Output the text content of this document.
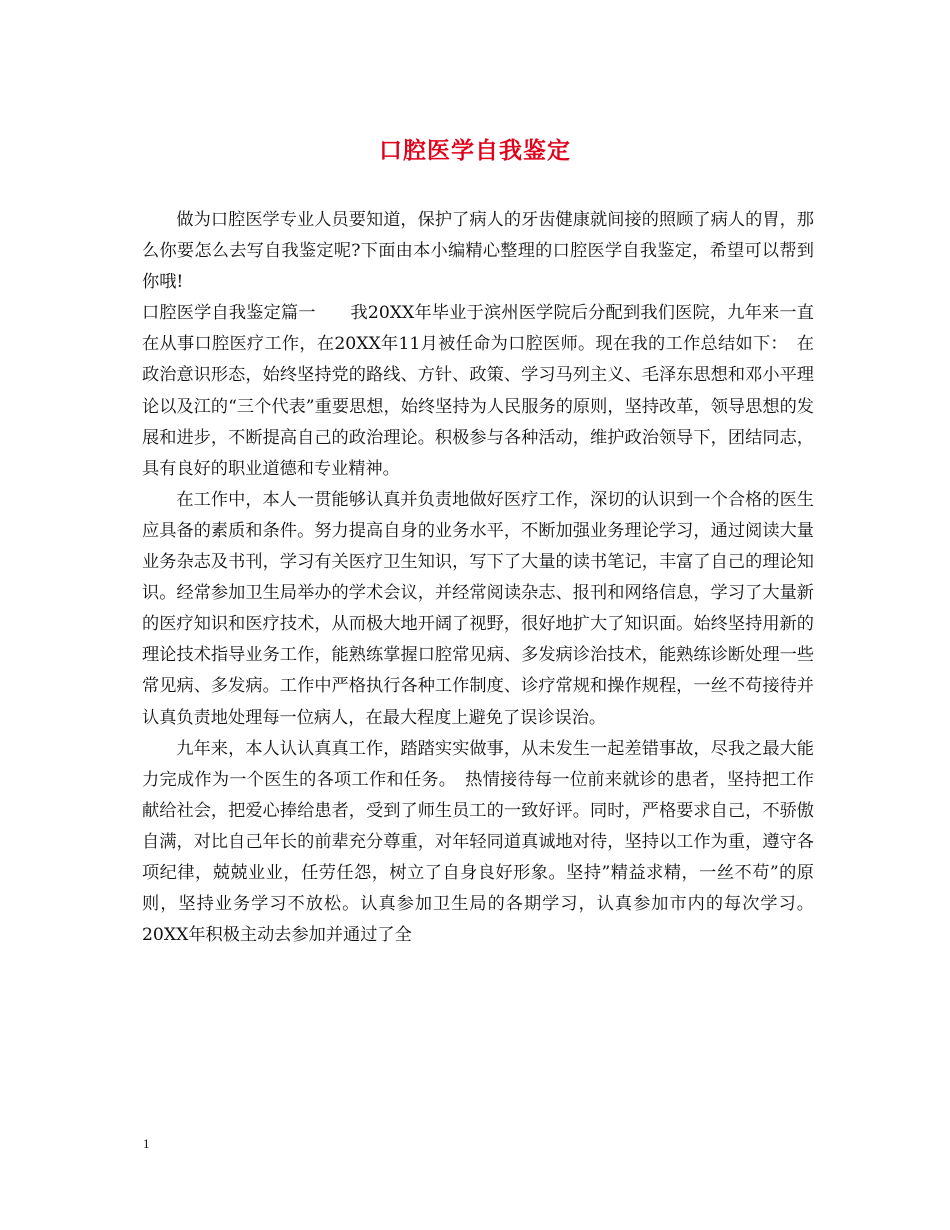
口腔医学自我鉴定

做为口腔医学专业人员要知道，保护了病人的牙齿健康就间接的照顾了病人的胃，那么你要怎么去写自我鉴定呢?下面由本小编精心整理的口腔医学自我鉴定，希望可以帮到你哦!

口腔医学自我鉴定篇一　　我20XX年毕业于滨州医学院后分配到我们医院，九年来一直在从事口腔医疗工作，在20XX年11月被任命为口腔医师。现在我的工作总结如下：　在政治意识形态，始终坚持党的路线、方针、政策、学习马列主义、毛泽东思想和邓小平理论以及江的“三个代表”重要思想，始终坚持为人民服务的原则，坚持改革，领导思想的发展和进步，不断提高自己的政治理论。积极参与各种活动，维护政治领导下，团结同志，具有良好的职业道德和专业精神。

在工作中，本人一贯能够认真并负责地做好医疗工作，深切的认识到一个合格的医生应具备的素质和条件。努力提高自身的业务水平，不断加强业务理论学习，通过阅读大量业务杂志及书刊，学习有关医疗卫生知识，写下了大量的读书笔记，丰富了自己的理论知识。经常参加卫生局举办的学术会议，并经常阅读杂志、报刊和网络信息，学习了大量新的医疗知识和医疗技术，从而极大地开阔了视野，很好地扩大了知识面。始终坚持用新的理论技术指导业务工作，能熟练掌握口腔常见病、多发病诊治技术，能熟练诊断处理一些常见病、多发病。工作中严格执行各种工作制度、诊疗常规和操作规程，一丝不苟接待并认真负责地处理每一位病人，在最大程度上避免了误诊误治。

九年来，本人认认真真工作，踏踏实实做事，从未发生一起差错事故，尽我之最大能力完成作为一个医生的各项工作和任务。　热情接待每一位前来就诊的患者，坚持把工作献给社会，把爱心捧给患者，受到了师生员工的一致好评。同时，严格要求自己，不骄傲自满，对比自己年长的前辈充分尊重，对年轻同道真诚地对待，坚持以工作为重，遵守各项纪律，兢兢业业，任劳任怨，树立了自身良好形象。坚持”精益求精，一丝不苟”的原则，坚持业务学习不放松。认真参加卫生局的各期学习，认真参加市内的每次学习。20XX年积极主动去参加并通过了全

1
